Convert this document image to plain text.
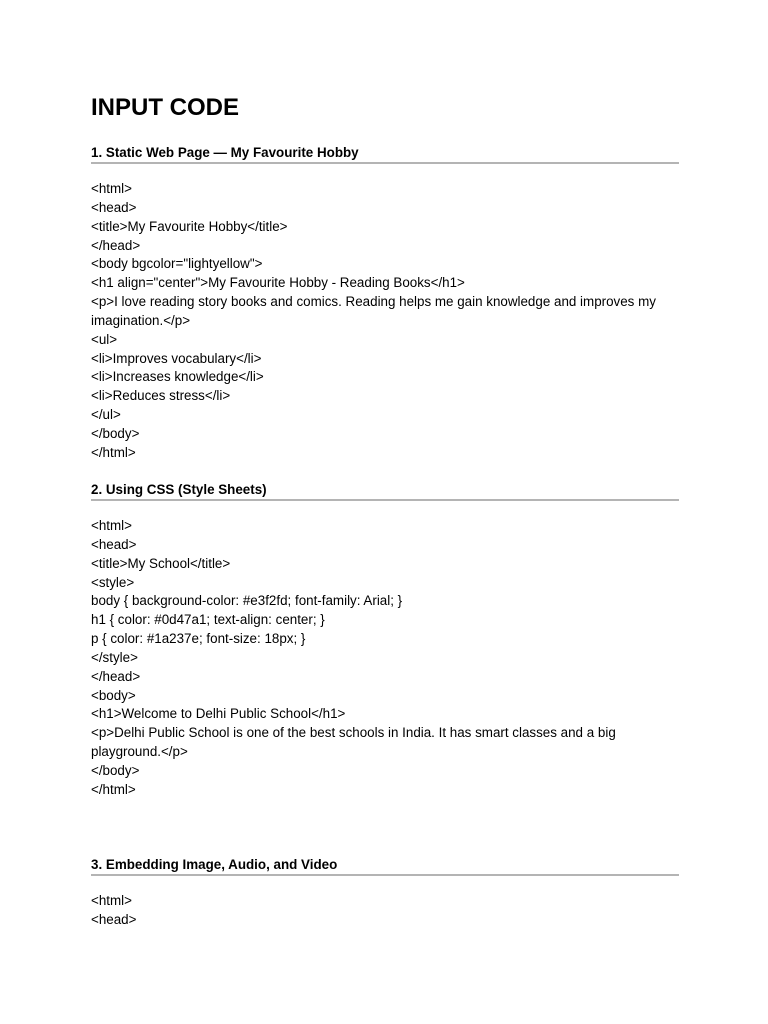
INPUT CODE
1. Static Web Page — My Favourite Hobby
<html>
<head>
<title>My Favourite Hobby</title>
</head>
<body bgcolor="lightyellow">
<h1 align="center">My Favourite Hobby - Reading Books</h1>
<p>I love reading story books and comics. Reading helps me gain knowledge and improves my
imagination.</p>
<ul>
<li>Improves vocabulary</li>
<li>Increases knowledge</li>
<li>Reduces stress</li>
</ul>
</body>
</html>
2. Using CSS (Style Sheets)
<html>
<head>
<title>My School</title>
<style>
body { background-color: #e3f2fd; font-family: Arial; }
h1 { color: #0d47a1; text-align: center; }
p { color: #1a237e; font-size: 18px; }
</style>
</head>
<body>
<h1>Welcome to Delhi Public School</h1>
<p>Delhi Public School is one of the best schools in India. It has smart classes and a big
playground.</p>
</body>
</html>
3. Embedding Image, Audio, and Video
<html>
<head>
